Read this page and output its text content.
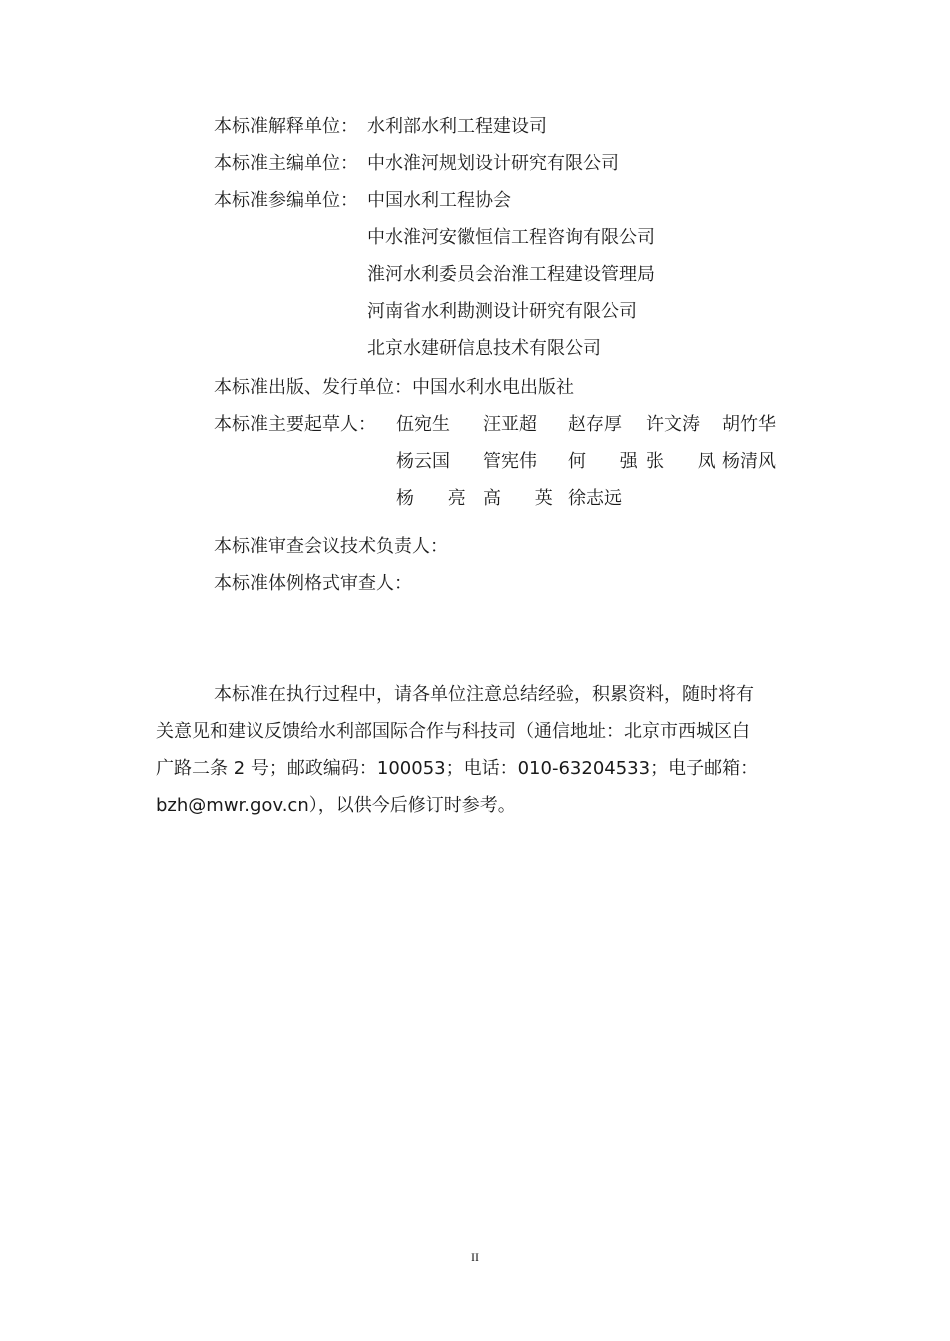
本标准解释单位： 水利部水利工程建设司
本标准主编单位： 中水淮河规划设计研究有限公司
本标准参编单位： 中国水利工程协会
中水淮河安徽恒信工程咨询有限公司
淮河水利委员会治淮工程建设管理局
河南省水利勘测设计研究有限公司
北京水建研信息技术有限公司
本标准出版、发行单位：中国水利水电出版社
本标准主要起草人： 伍宛生 汪亚超 赵存厚 许文涛 胡竹华
杨云国 管宪伟 何 强
张 凤
杨清风
杨 亮 高 英 徐志远
本标准审查会议技术负责人：
本标准体例格式审查人：
本标准在执行过程中，请各单位注意总结经验，积累资料，随时将有
关意见和建议反馈给水利部国际合作与科技司（通信地址：北京市西城区白
广路二条 2 号；邮政编码：100053；电话：010-63204533；电子邮箱：
bzh@mwr.gov.cn），以供今后修订时参考。
II
